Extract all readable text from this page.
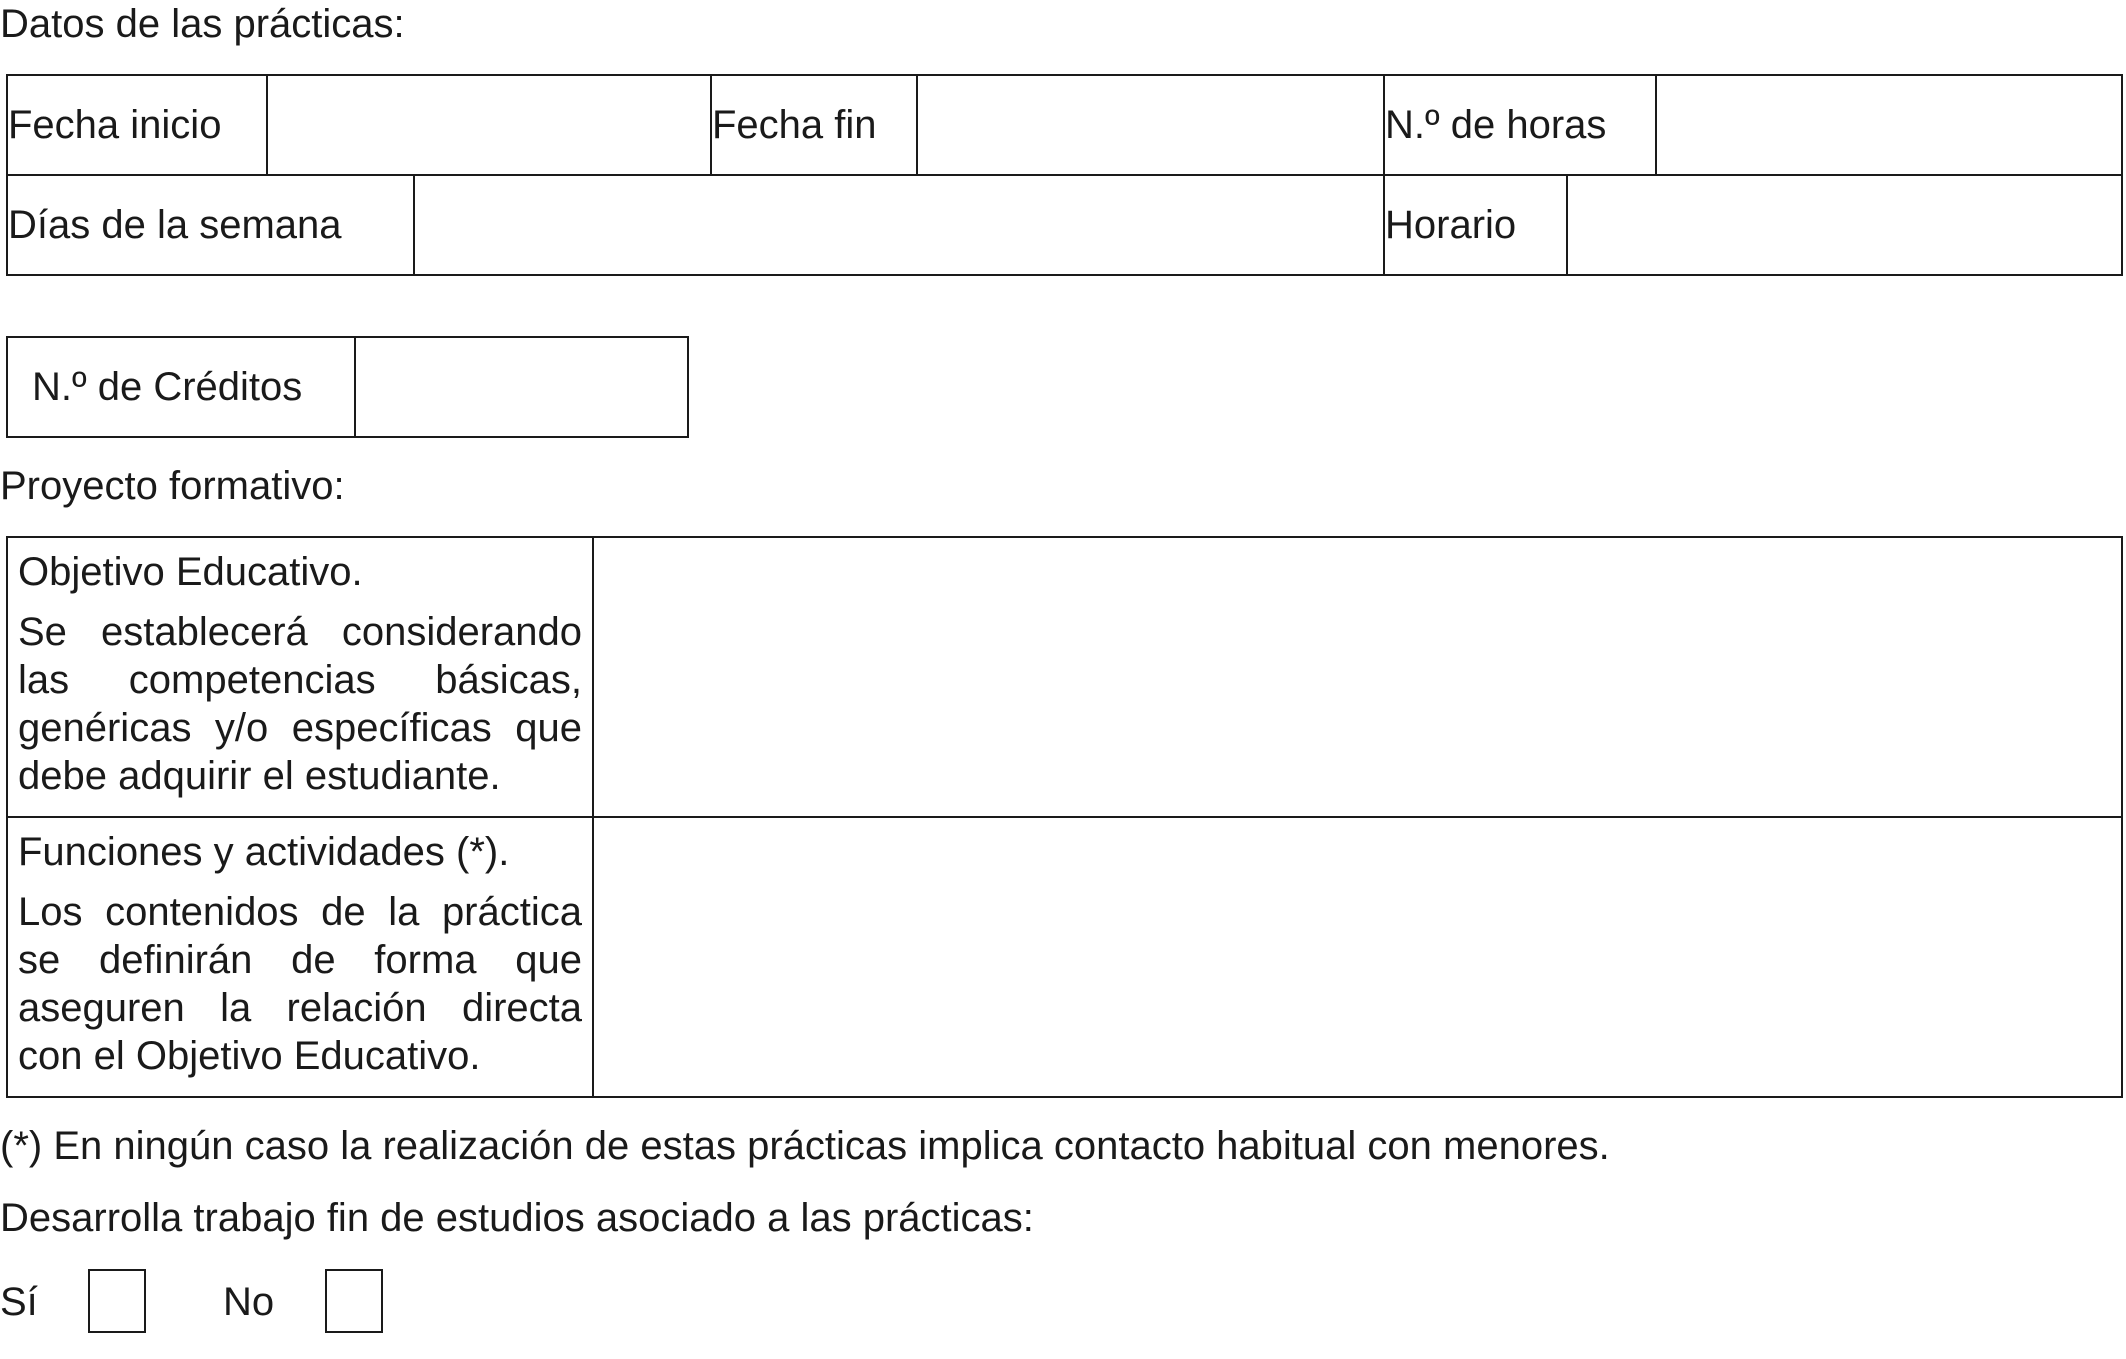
Datos de las prácticas:
Fecha inicio			Fecha fin		N.º de horas		
Días de la semana					Horario		
N.º de Créditos	
Proyecto formativo:
Objetivo Educativo.
Se establecerá considerando las competencias básicas, genéricas y/o específicas que debe adquirir el estudiante.	

Funciones y actividades (*).
Los contenidos de la práctica se definirán de forma que aseguren la relación directa con el Objetivo Educativo.	

(*) En ningún caso la realización de estas prácticas implica contacto habitual con menores.
Desarrolla trabajo fin de estudios asociado a las prácticas:
Sí	No
